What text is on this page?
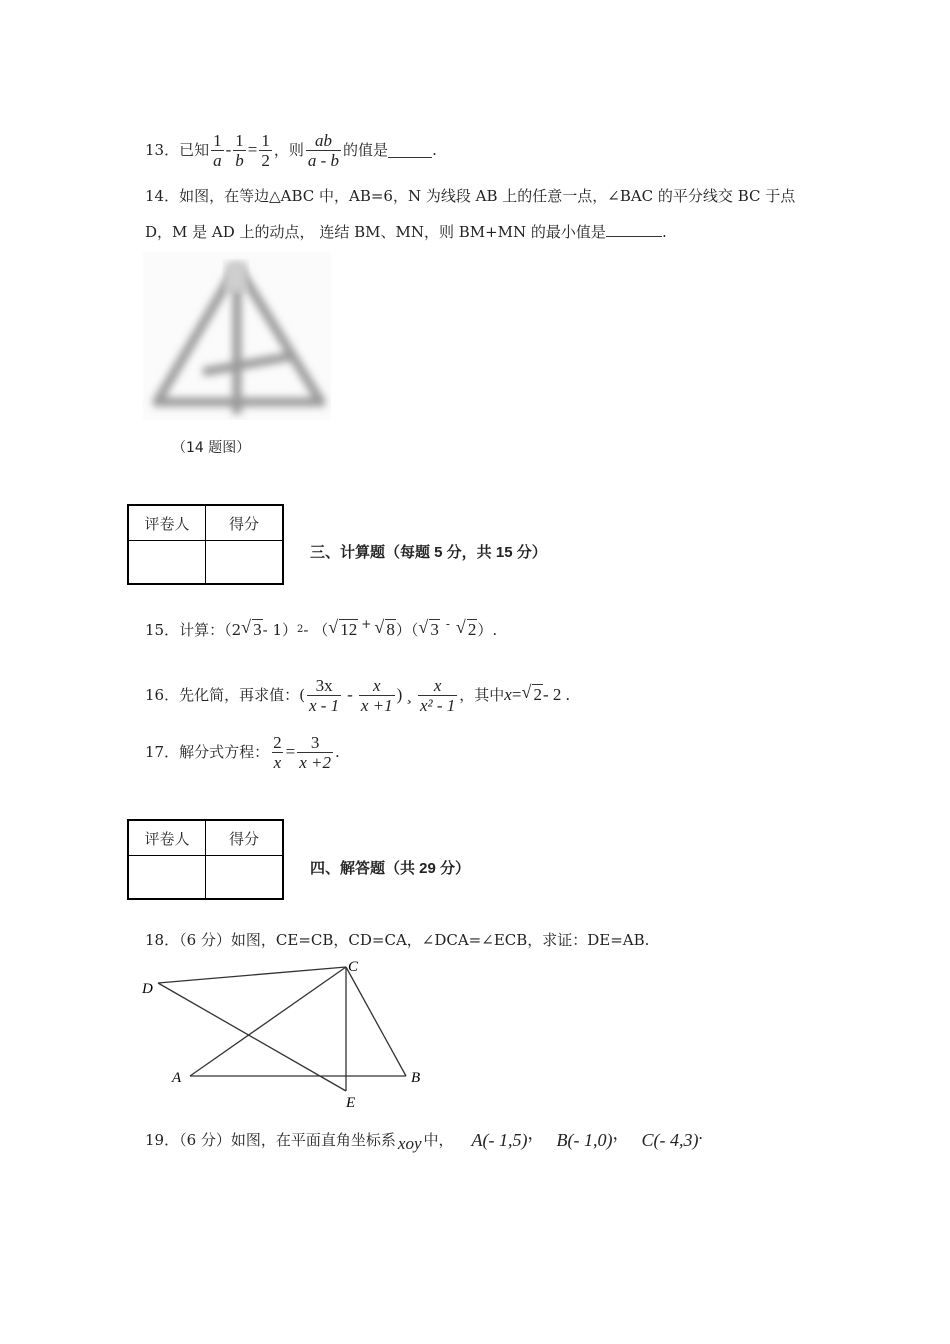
13．已知 $\frac{1}{a} - \frac{1}{b} = \frac{1}{2}$ ，则 $\frac{ab}{a - b}$ 的值是	.
14．如图，在等边△ABC 中，AB=6，N 为线段 AB 上的任意一点，∠BAC 的平分线交 BC 于点
D，M 是 AD 上的动点， 连结 BM、MN，则 BM+MN 的最小值是	.
（14 题图）
评卷人	得分

三、计算题（每题 5 分，共 15 分）
15．计算：（2 √ 3 - 1） 2 - （ √ 12 + √ 8 ）（ √ 3 -	√ 2 ）.
16．先化简，再求值：( $\frac{3x}{x - 1} - \frac{x}{x +1}$ ) ¸ $\frac{x}{\text{x² - 1}}$ ，其中 x = √ 2 - 2 .
17．解分式方程： $\frac{2}{x} = \frac{3}{x +2}$ .
评卷人	得分

四、解答题（共 29 分）
18．（6 分）如图，CE=CB，CD=CA，∠DCA=∠ECB，求证：DE=AB.
D
C
A	B
E
19．（6 分）如图，在平面直角坐标系 xoy 中， A(- 1,5) ， B(- 1,0) ， C(- 4,3) .
